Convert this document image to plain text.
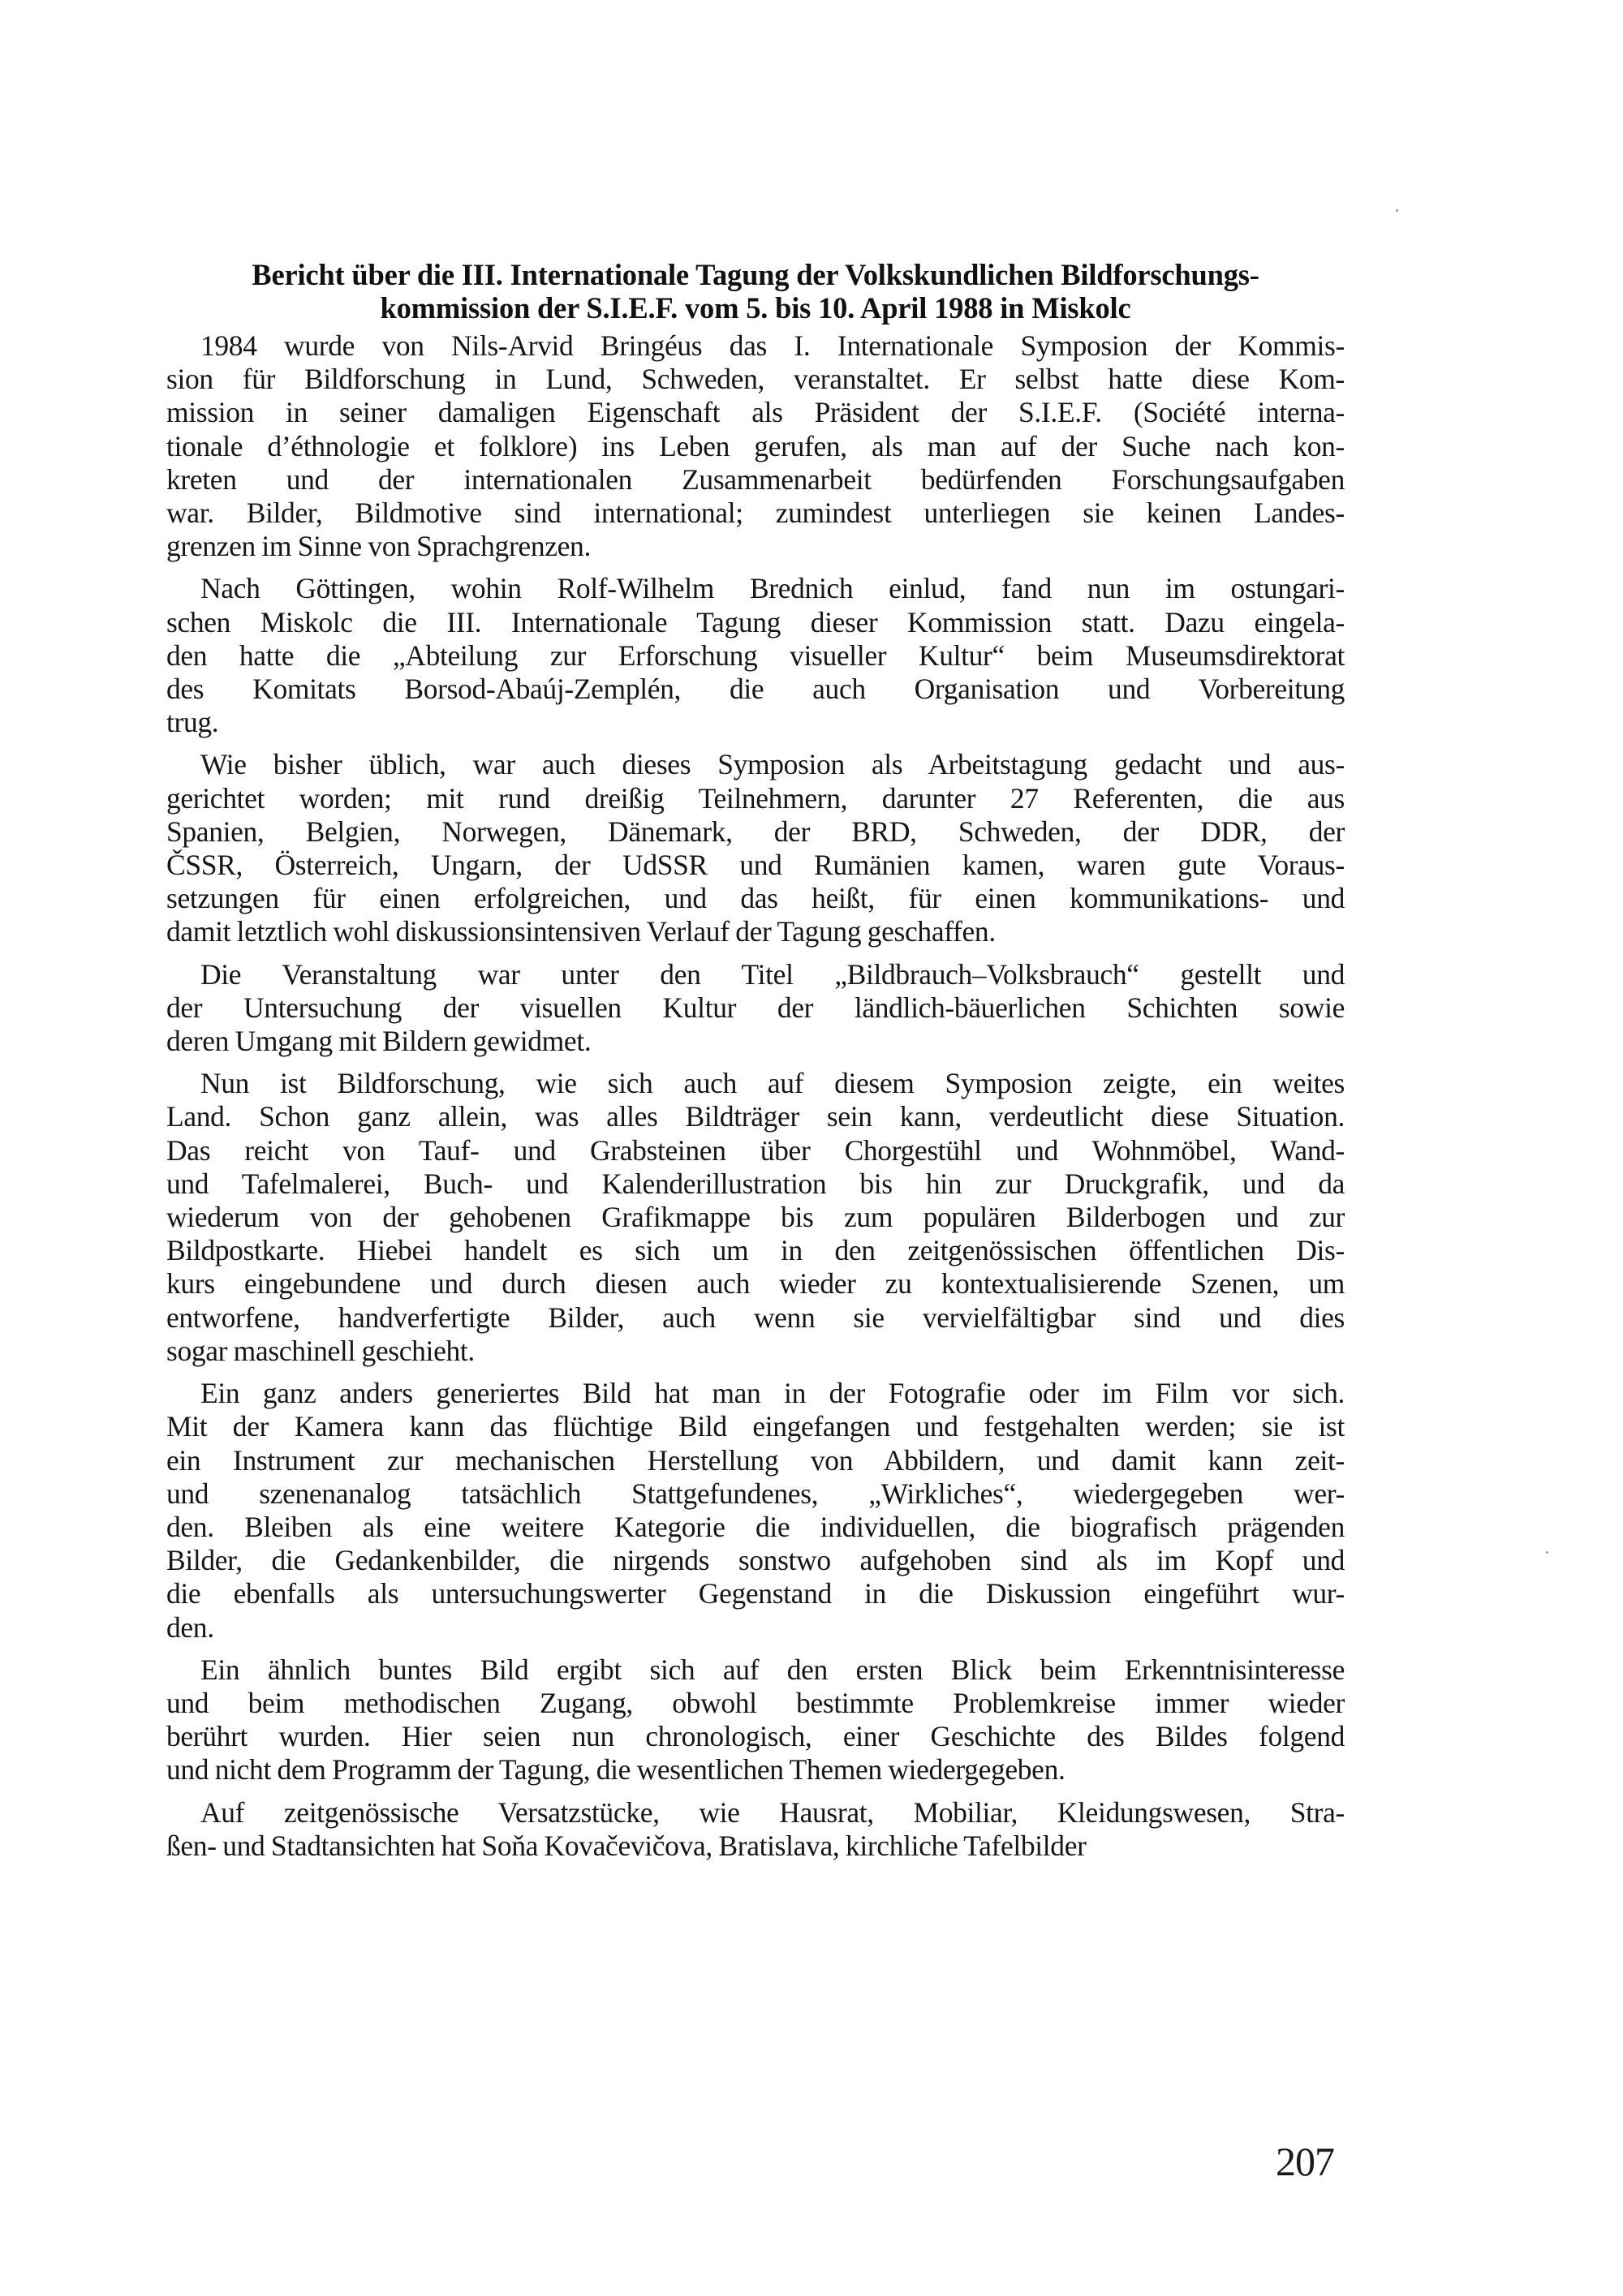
Bericht über die III. Internationale Tagung der Volkskundlichen Bildforschungs-
kommission der S.I.E.F. vom 5. bis 10. April 1988 in Miskolc

1984 wurde von Nils-Arvid Bringéus das I. Internationale Symposion der Kommis-
sion für Bildforschung in Lund, Schweden, veranstaltet. Er selbst hatte diese Kom-
mission in seiner damaligen Eigenschaft als Präsident der S.I.E.F. (Société interna-
tionale d’éthnologie et folklore) ins Leben gerufen, als man auf der Suche nach kon-
kreten und der internationalen Zusammenarbeit bedürfenden Forschungsaufgaben
war. Bilder, Bildmotive sind international; zumindest unterliegen sie keinen Landes-
grenzen im Sinne von Sprachgrenzen.

Nach Göttingen, wohin Rolf-Wilhelm Brednich einlud, fand nun im ostungari-
schen Miskolc die III. Internationale Tagung dieser Kommission statt. Dazu eingela-
den hatte die „Abteilung zur Erforschung visueller Kultur“ beim Museumsdirektorat
des Komitats Borsod-Abaúj-Zemplén, die auch Organisation und Vorbereitung
trug.

Wie bisher üblich, war auch dieses Symposion als Arbeitstagung gedacht und aus-
gerichtet worden; mit rund dreißig Teilnehmern, darunter 27 Referenten, die aus
Spanien, Belgien, Norwegen, Dänemark, der BRD, Schweden, der DDR, der
ČSSR, Österreich, Ungarn, der UdSSR und Rumänien kamen, waren gute Voraus-
setzungen für einen erfolgreichen, und das heißt, für einen kommunikations- und
damit letztlich wohl diskussionsintensiven Verlauf der Tagung geschaffen.

Die Veranstaltung war unter den Titel „Bildbrauch–Volksbrauch“ gestellt und
der Untersuchung der visuellen Kultur der ländlich-bäuerlichen Schichten sowie
deren Umgang mit Bildern gewidmet.

Nun ist Bildforschung, wie sich auch auf diesem Symposion zeigte, ein weites
Land. Schon ganz allein, was alles Bildträger sein kann, verdeutlicht diese Situation.
Das reicht von Tauf- und Grabsteinen über Chorgestühl und Wohnmöbel, Wand-
und Tafelmalerei, Buch- und Kalenderillustration bis hin zur Druckgrafik, und da
wiederum von der gehobenen Grafikmappe bis zum populären Bilderbogen und zur
Bildpostkarte. Hiebei handelt es sich um in den zeitgenössischen öffentlichen Dis-
kurs eingebundene und durch diesen auch wieder zu kontextualisierende Szenen, um
entworfene, handverfertigte Bilder, auch wenn sie vervielfältigbar sind und dies
sogar maschinell geschieht.

Ein ganz anders generiertes Bild hat man in der Fotografie oder im Film vor sich.
Mit der Kamera kann das flüchtige Bild eingefangen und festgehalten werden; sie ist
ein Instrument zur mechanischen Herstellung von Abbildern, und damit kann zeit-
und szenenanalog tatsächlich Stattgefundenes, „Wirkliches“, wiedergegeben wer-
den. Bleiben als eine weitere Kategorie die individuellen, die biografisch prägenden
Bilder, die Gedankenbilder, die nirgends sonstwo aufgehoben sind als im Kopf und
die ebenfalls als untersuchungswerter Gegenstand in die Diskussion eingeführt wur-
den.

Ein ähnlich buntes Bild ergibt sich auf den ersten Blick beim Erkenntnisinteresse
und beim methodischen Zugang, obwohl bestimmte Problemkreise immer wieder
berührt wurden. Hier seien nun chronologisch, einer Geschichte des Bildes folgend
und nicht dem Programm der Tagung, die wesentlichen Themen wiedergegeben.

Auf zeitgenössische Versatzstücke, wie Hausrat, Mobiliar, Kleidungswesen, Stra-
ßen- und Stadtansichten hat Soňa Kovačevičova, Bratislava, kirchliche Tafelbilder

207
